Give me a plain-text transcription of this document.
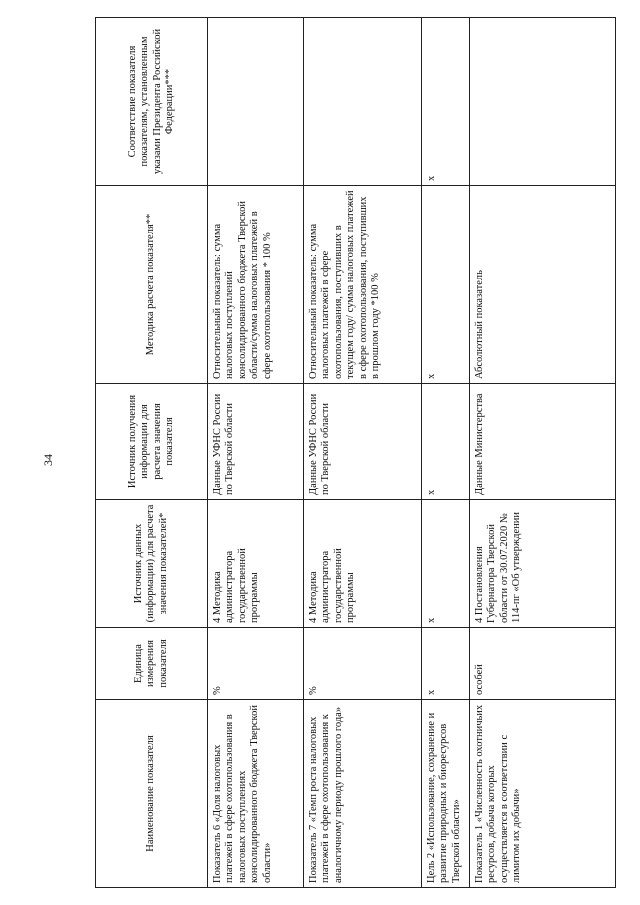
34
Наименование показателя	Единица измерения показателя	Источник данных (информации) для расчета значения показателей*	Источник получения информации для расчета значения показателя	Методика расчета показателя**	Соответствие показателя показателям, установленным указами Президента Российской Федерации***
Показатель 6 «Доля налоговых платежей в сфере охотопользования в налоговых поступлениях консолидированного бюджета Тверской области»	%	4 Методика администратора государственной программы	Данные УФНС России по Тверской области	Относительный показатель: сумма налоговых поступлений консолидированного бюджета Тверской области/сумма налоговых платежей в сфере охотопользования * 100 %	
Показатель 7 «Темп роста налоговых платежей в сфере охотопользования к аналогичному периоду прошлого года»	%	4 Методика администратора государственной программы	Данные УФНС России по Тверской области	Относительный показатель: сумма налоговых платежей в сфере охотопользования, поступивших в текущем году/ сумма налоговых платежей в сфере охотопользования, поступивших в прошлом году *100 %	
Цель 2 «Использование, сохранение и развитие природных и биоресурсов Тверской области»	x	x	x	x	x
Показатель 1 «Численность охотничьих ресурсов, добыча которых осуществляется в соответствии с лимитом их добычи»	особей	4 Постановления Губернатора Тверской области от 30.07.2020 № 114-пг «Об утверждении	Данные Министерства	Абсолютный показатель	
